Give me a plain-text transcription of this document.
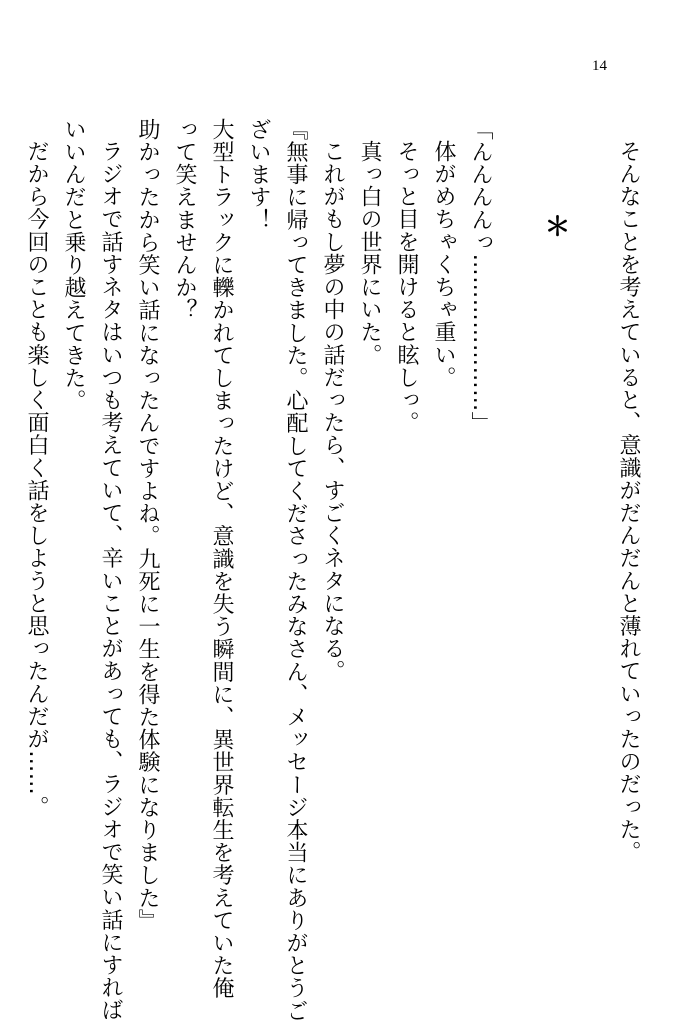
14

そんなことを考えていると、意識がだんだんと薄れていったのだった。

＊

「んんんんっ…………………」

体がめちゃくちゃ重い。

そっと目を開けると眩しっ。

真っ白の世界にいた。

これがもし夢の中の話だったら、すごくネタになる。

『無事に帰ってきました。心配してくださったみなさん、メッセージ本当にありがとうご

ざいます！

大型トラックに轢かれてしまったけど、意識を失う瞬間に、異世界転生を考えていた俺

って笑えませんか？

助かったから笑い話になったんですよね。九死に一生を得た体験になりました』

ラジオで話すネタはいつも考えていて、辛いことがあっても、ラジオで笑い話にすれば

いいんだと乗り越えてきた。

だから今回のことも楽しく面白く話をしようと思ったんだが……。
